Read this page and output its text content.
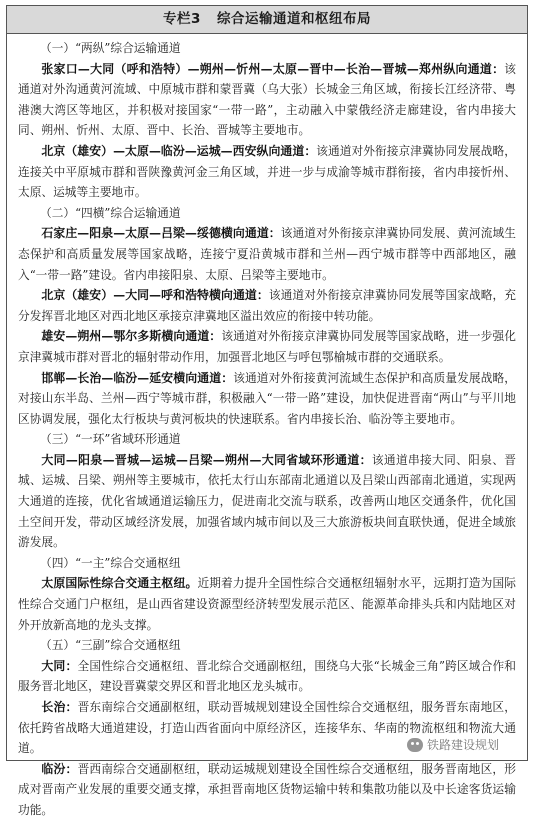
专栏3 综合运输通道和枢纽布局

（一）“两纵”综合运输通道

张家口—大同（呼和浩特）—朔州—忻州—太原—晋中—长治—晋城—郑州纵向通道：该通道对外沟通黄河流域、中原城市群和蒙晋冀（乌大张）长城金三角区域，衔接长江经济带、粤港澳大湾区等地区，并积极对接国家“一带一路”，主动融入中蒙俄经济走廊建设，省内串接大同、朔州、忻州、太原、晋中、长治、晋城等主要地市。

北京（雄安）—太原—临汾—运城—西安纵向通道：该通道对外衔接京津冀协同发展战略，连接关中平原城市群和晋陕豫黄河金三角区域，并进一步与成渝等城市群衔接，省内串接忻州、太原、运城等主要地市。

（二）“四横”综合运输通道

石家庄—阳泉—太原—吕梁—绥德横向通道：该通道对外衔接京津冀协同发展、黄河流域生态保护和高质量发展等国家战略，连接宁夏沿黄城市群和兰州—西宁城市群等中西部地区，融入“一带一路”建设。省内串接阳泉、太原、吕梁等主要地市。

北京（雄安）—大同—呼和浩特横向通道：该通道对外衔接京津冀协同发展等国家战略，充分发挥晋北地区对西北地区承接京津冀地区溢出效应的衔接中转功能。

雄安—朔州—鄂尔多斯横向通道：该通道对外衔接京津冀协同发展等国家战略，进一步强化京津冀城市群对晋北的辐射带动作用，加强晋北地区与呼包鄂榆城市群的交通联系。

邯郸—长治—临汾—延安横向通道：该通道对外衔接黄河流域生态保护和高质量发展战略，对接山东半岛、兰州—西宁等城市群，积极融入“一带一路”建设，加快促进晋南“两山”与平川地区协调发展，强化太行板块与黄河板块的快速联系。省内串接长治、临汾等主要地市。

（三）“一环”省域环形通道

大同—阳泉—晋城—运城—吕梁—朔州—大同省域环形通道：该通道串接大同、阳泉、晋城、运城、吕梁、朔州等主要城市，依托太行山东部南北通道以及吕梁山西部南北通道，实现两大通道的连接，优化省域通道运输压力，促进南北交流与联系，改善两山地区交通条件，优化国土空间开发，带动区域经济发展，加强省域内城市间以及三大旅游板块间直联快通，促进全域旅游发展。

（四）“一主”综合交通枢纽

太原国际性综合交通主枢纽。近期着力提升全国性综合交通枢纽辐射水平，远期打造为国际性综合交通门户枢纽，是山西省建设资源型经济转型发展示范区、能源革命排头兵和内陆地区对外开放新高地的龙头支撑。

（五）“三副”综合交通枢纽

大同：全国性综合交通枢纽、晋北综合交通副枢纽，围绕乌大张“长城金三角”跨区域合作和服务晋北地区，建设晋冀蒙交界区和晋北地区龙头城市。

长治：晋东南综合交通副枢纽，联动晋城规划建设全国性综合交通枢纽，服务晋东南地区，依托跨省战略大通道建设，打造山西省面向中原经济区，连接华东、华南的物流枢纽和物流大通道。

临汾：晋西南综合交通副枢纽，联动运城规划建设全国性综合交通枢纽，服务晋南地区，形成对晋南产业发展的重要交通支撑，承担晋南地区货物运输中转和集散功能以及中长途客货运输功能。

铁路建设规划
